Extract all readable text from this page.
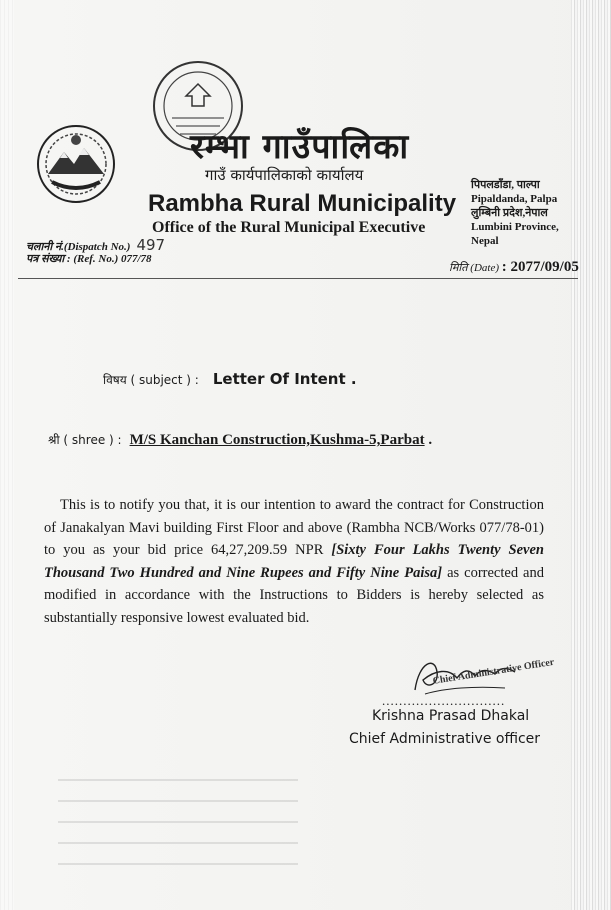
रम्भा गाउँपालिका
गाउँ कार्यपालिकाको कार्यालय
Rambha Rural Municipality
Office of the Rural Municipal Executive
पिपलडाँडा, पाल्पा
Pipaldanda, Palpa
लुम्बिनी प्रदेश,नेपाल
Lumbini Province,
Nepal
चलानी नं.(Dispatch No.) 497
पत्र संख्या : (Ref. No.) 077/78
मिति (Date) : 2077/09/05
विषय ( subject ) : Letter Of Intent .
श्री ( shree ) : M/S Kanchan Construction,Kushma-5,Parbat .

This is to notify you that, it is our intention to award the contract for Construction of Janakalyan Mavi building First Floor and above (Rambha NCB/Works 077/78-01) to you as your bid price 64,27,209.59 NPR [Sixty Four Lakhs Twenty Seven Thousand Two Hundred and Nine Rupees and Fifty Nine Paisa] as corrected and modified in accordance with the Instructions to Bidders is hereby selected as substantially responsive lowest evaluated bid.

Chief Administrative Officer
.............................
Krishna Prasad Dhakal
Chief Administrative officer
